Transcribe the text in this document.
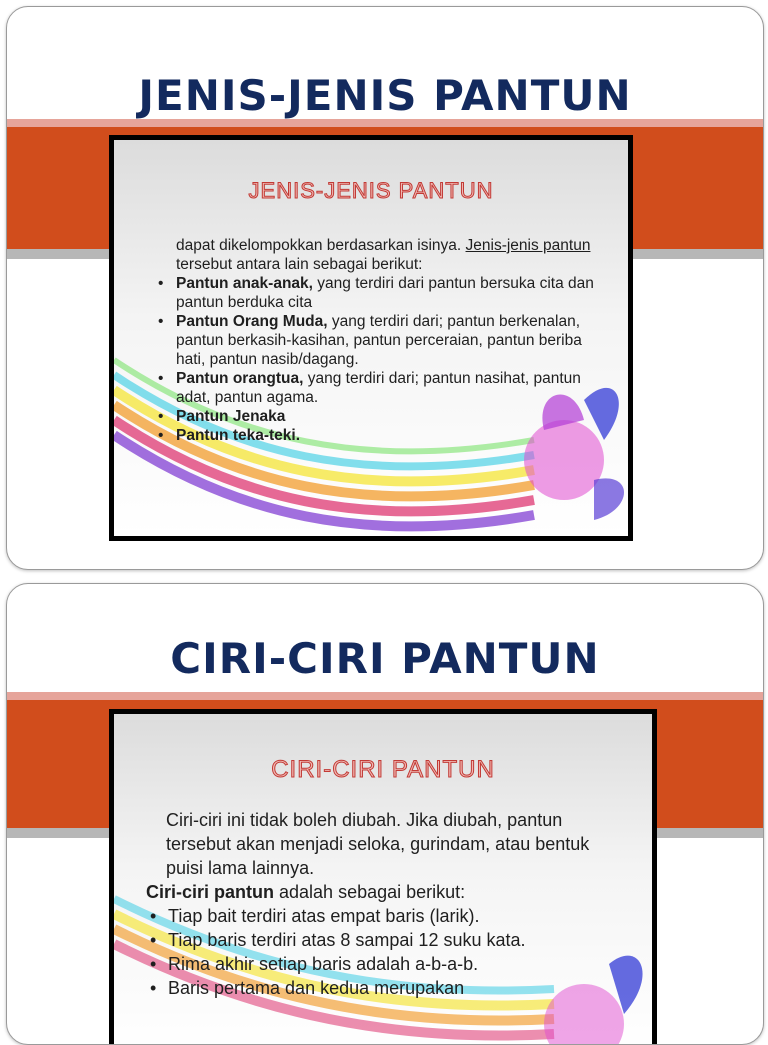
JENIS-JENIS PANTUN
JENIS-JENIS PANTUN

dapat dikelompokkan berdasarkan isinya. Jenis-jenis pantun tersebut antara lain sebagai berikut:

• Pantun anak-anak, yang terdiri dari pantun bersuka cita dan pantun berduka cita
• Pantun Orang Muda, yang terdiri dari; pantun berkenalan, pantun berkasih-kasihan, pantun perceraian, pantun beriba hati, pantun nasib/dagang.
• Pantun orangtua, yang terdiri dari; pantun nasihat, pantun adat, pantun agama.
• Pantun Jenaka
• Pantun teka-teki.
CIRI-CIRI PANTUN
CIRI-CIRI PANTUN

Ciri-ciri ini tidak boleh diubah. Jika diubah, pantun tersebut akan menjadi seloka, gurindam, atau bentuk puisi lama lainnya.

Ciri-ciri pantun adalah sebagai berikut:

• Tiap bait terdiri atas empat baris (larik).
• Tiap baris terdiri atas 8 sampai 12 suku kata.
• Rima akhir setiap baris adalah a-b-a-b.
• Baris pertama dan kedua merupakan
